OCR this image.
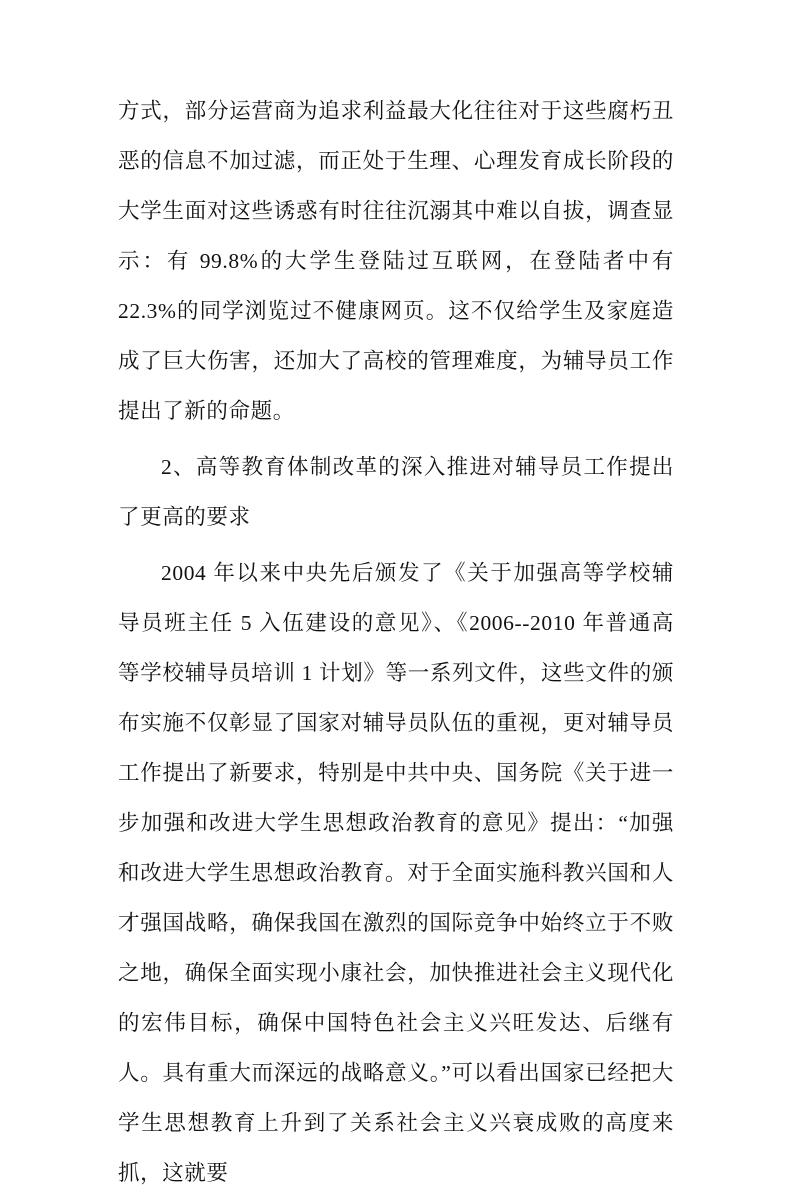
方式，部分运营商为追求利益最大化往往对于这些腐朽丑恶的信息不加过滤，而正处于生理、心理发育成长阶段的大学生面对这些诱惑有时往往沉溺其中难以自拔，调查显示：有 99.8%的大学生登陆过互联网，在登陆者中有 22.3%的同学浏览过不健康网页。这不仅给学生及家庭造成了巨大伤害，还加大了高校的管理难度，为辅导员工作提出了新的命题。

2、高等教育体制改革的深入推进对辅导员工作提出了更高的要求

2004 年以来中央先后颁发了《关于加强高等学校辅导员班主任 5 入伍建设的意见》、《2006--2010 年普通高等学校辅导员培训 1 计划》等一系列文件，这些文件的颁布实施不仅彰显了国家对辅导员队伍的重视，更对辅导员工作提出了新要求，特别是中共中央、国务院《关于进一步加强和改进大学生思想政治教育的意见》提出：“加强和改进大学生思想政治教育。对于全面实施科教兴国和人才强国战略，确保我国在激烈的国际竞争中始终立于不败之地，确保全面实现小康社会，加快推进社会主义现代化的宏伟目标，确保中国特色社会主义兴旺发达、后继有人。具有重大而深远的战略意义。”可以看出国家已经把大学生思想教育上升到了关系社会主义兴衰成败的高度来抓，这就要
